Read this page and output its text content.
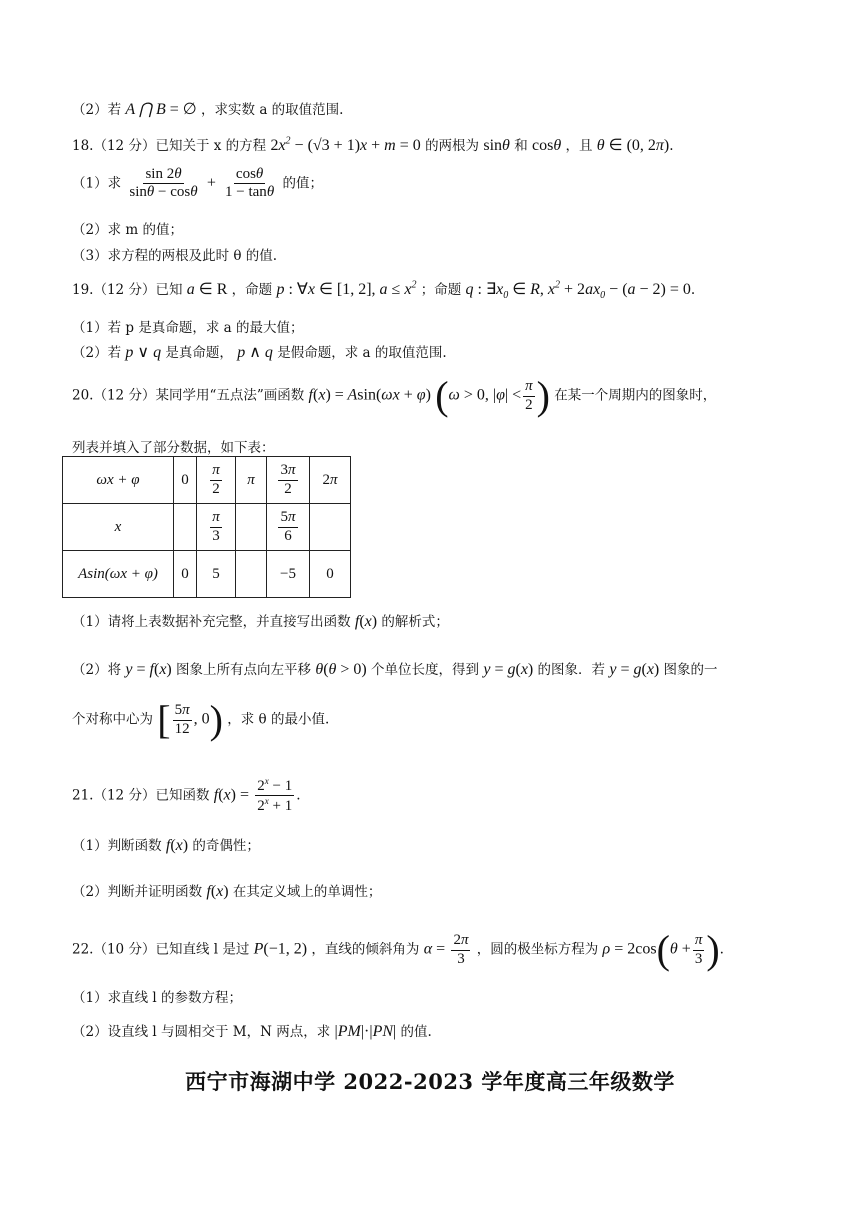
（2）若 A ⋂ B = ∅ ，求实数 a 的取值范围.
18.（12 分）已知关于 x 的方程 $2x^2 - (√3 + 1)x + m = 0$ 的两根为 sinθ 和 cosθ ，且 θ ∈ (0, 2π).
（1）求 $\frac{\sin 2\theta}{\sin\theta - \cos\theta} + \frac{\cos\theta}{1 - \tan\theta}$ 的值；
（2）求 m 的值；
（3）求方程的两根及此时 θ 的值.
19.（12 分）已知 a ∈ R ，命题 p : ∀x ∈ [1, 2], $a \le x^2$ ；命题 q : $\exists x_0$ ∈ R, $x^2 + 2ax_0 - (a - 2) = 0$.
（1）若 p 是真命题，求 a 的最大值；
（2）若 p ∨ q 是真命题， p ∧ q 是假命题，求 a 的取值范围.
20.（12 分）某同学用“五点法”画函数 f(x) = Asin(ωx + φ) (ω > 0, $|\varphi| < \frac{\pi}{2}$ ) 在某一个周期内的图象时，
列表并填入了部分数据，如下表：
ωx + φ	0	$\frac{\pi}{2}$	π	$\frac{3\pi}{2}$	2π
x		$\frac{\pi}{3}$		$\frac{5\pi}{6}$

Asin(ωx + φ)	0	5		−5	0
（1）请将上表数据补充完整，并直接写出函数 f(x) 的解析式；
（2）将 y = f(x) 图象上所有点向左平移 θ(θ > 0) 个单位长度，得到 y = g(x) 的图象．若 y = g(x) 图象的一
个对称中心为 [ $\frac{5\pi}{12}$ , 0) ，求 θ 的最小值.
21.（12 分）已知函数 $f(x) = \frac{2^x - 1}{2^x + 1}$ .
（1）判断函数 f(x) 的奇偶性；
（2）判断并证明函数 f(x) 在其定义域上的单调性；
22.（10 分）已知直线 l 是过 P(−1, 2) ，直线的倾斜角为 $\alpha = \frac{2\pi}{3}$ ，圆的极坐标方程为 $\rho = 2\cos(\theta + \frac{\pi}{3}$ ).
（1）求直线 l 的参数方程；
（2）设直线 l 与圆相交于 M，N 两点，求 |PM|·|PN| 的值.
西宁市海湖中学 2022-2023 学年度高三年级数学
